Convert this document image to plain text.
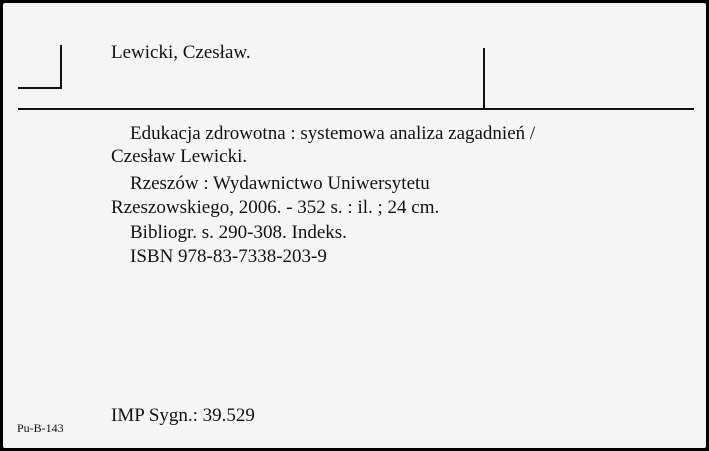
Lewicki, Czesław.
Edukacja zdrowotna : systemowa analiza zagadnień /
Czesław Lewicki.
Rzeszów : Wydawnictwo Uniwersytetu
Rzeszowskiego, 2006. - 352 s. : il. ; 24 cm.
Bibliogr. s. 290-308. Indeks.
ISBN 978-83-7338-203-9
IMP Sygn.: 39.529
Pu-B-143
